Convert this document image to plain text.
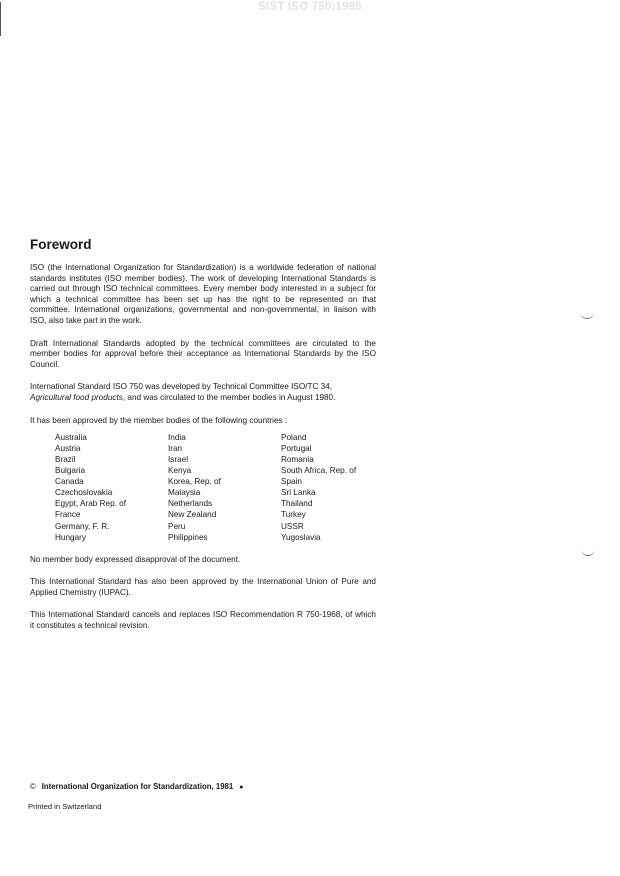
SIST ISO 750:1995
Foreword

ISO (the International Organization for Standardization) is a worldwide federation of national standards institutes (ISO member bodies). The work of developing International Standards is carried out through ISO technical committees. Every member body interested in a subject for which a technical committee has been set up has the right to be represented on that committee. International organizations, governmental and non-governmental, in liaison with ISO, also take part in the work.

Draft International Standards adopted by the technical committees are circulated to the member bodies for approval before their acceptance as International Standards by the ISO Council.

International Standard ISO 750 was developed by Technical Committee ISO/TC 34,
Agricultural food products, and was circulated to the member bodies in August 1980.

It has been approved by the member bodies of the following countries :

Australia
Austria
Brazil
Bulgaria
Canada
Czechoslovakia
Egypt, Arab Rep. of
France
Germany, F. R.
Hungary
India
Iran
Israel
Kenya
Korea, Rep. of
Malaysia
Netherlands
New Zealand
Peru
Philippines
Poland
Portugal
Romania
South Africa, Rep. of
Spain
Sri Lanka
Thailand
Turkey
USSR
Yugoslavia

No member body expressed disapproval of the document.

This International Standard has also been approved by the International Union of Pure and Applied Chemistry (IUPAC).

This International Standard cancels and replaces ISO Recommendation R 750-1968, of which it constitutes a technical revision.

© International Organization for Standardization, 1981 ●
Printed in Switzerland
